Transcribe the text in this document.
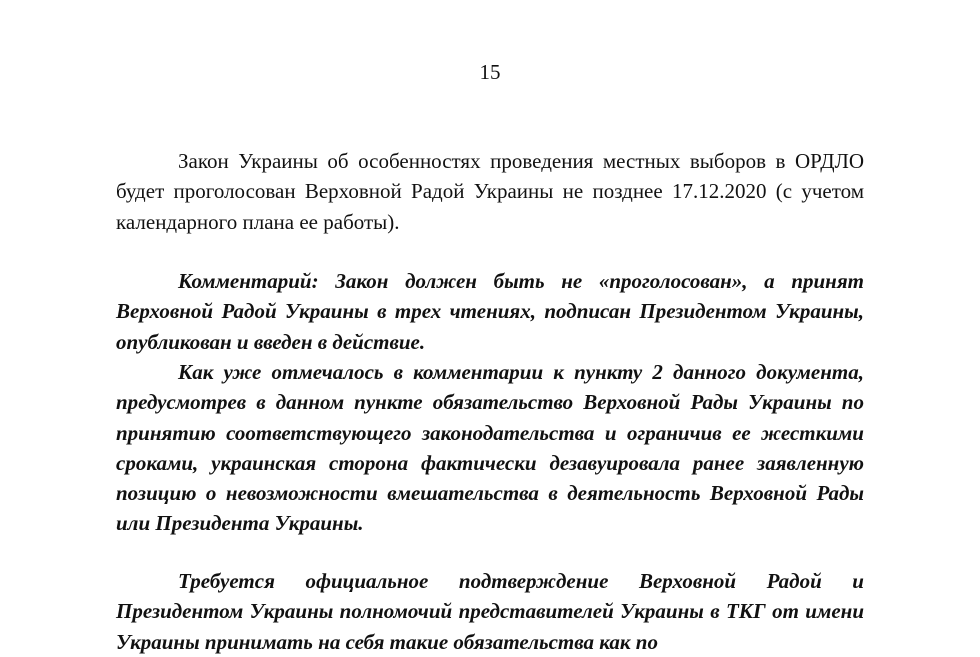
15

Закон Украины об особенностях проведения местных выборов в ОРДЛО будет проголосован Верховной Радой Украины не позднее 17.12.2020 (с учетом календарного плана ее работы).

Комментарий: Закон должен быть не «проголосован», а принят Верховной Радой Украины в трех чтениях, подписан Президентом Украины, опубликован и введен в действие.

Как уже отмечалось в комментарии к пункту 2 данного документа, предусмотрев в данном пункте обязательство Верховной Рады Украины по принятию соответствующего законодательства и ограничив ее жесткими сроками, украинская сторона фактически дезавуировала ранее заявленную позицию о невозможности вмешательства в деятельность Верховной Рады или Президента Украины.

Требуется официальное подтверждение Верховной Радой и Президентом Украины полномочий представителей Украины в ТКГ от имени Украины принимать на себя такие обязательства как по
